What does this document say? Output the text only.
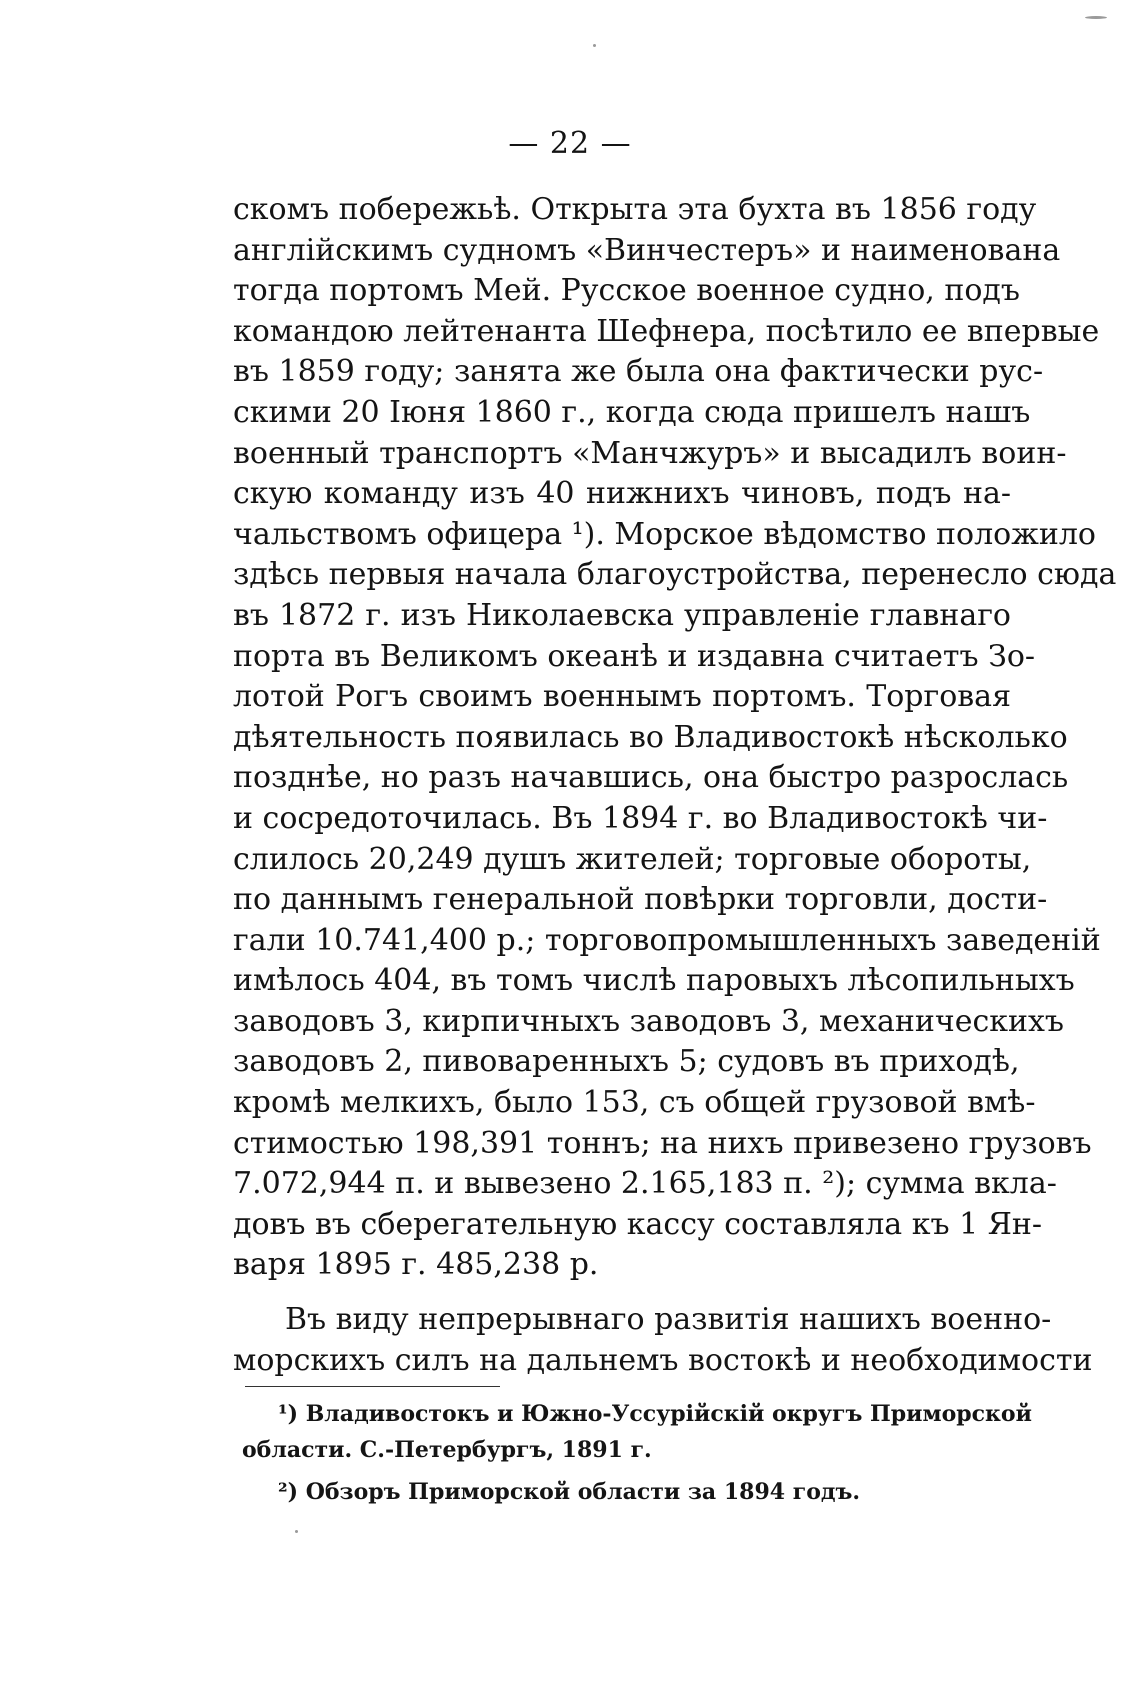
— 22 —
скомъ побережьѣ. Открыта эта бухта въ 1856 году
англійскимъ судномъ «Винчестеръ» и наименована
тогда портомъ Мей. Русское военное судно, подъ
командою лейтенанта Шефнера, посѣтило ее впервые
въ 1859 году; занята же была она фактически рус-
скими 20 Іюня 1860 г., когда сюда пришелъ нашъ
военный транспортъ «Манчжуръ» и высадилъ воин-
скую команду изъ 40 нижнихъ чиновъ, подъ на-
чальствомъ офицера ¹). Морское вѣдомство положило
здѣсь первыя начала благоустройства, перенесло сюда
въ 1872 г. изъ Николаевска управленіе главнаго
порта въ Великомъ океанѣ и издавна считаетъ Зо-
лотой Рогъ своимъ военнымъ портомъ. Торговая
дѣятельность появилась во Владивостокѣ нѣсколько
позднѣе, но разъ начавшись, она быстро разрослась
и сосредоточилась. Въ 1894 г. во Владивостокѣ чи-
слилось 20,249 душъ жителей; торговые обороты,
по даннымъ генеральной повѣрки торговли, дости-
гали 10.741,400 р.; торговопромышленныхъ заведеній
имѣлось 404, въ томъ числѣ паровыхъ лѣсопильныхъ
заводовъ 3, кирпичныхъ заводовъ 3, механическихъ
заводовъ 2, пивоваренныхъ 5; судовъ въ приходѣ,
кромѣ мелкихъ, было 153, съ общей грузовой вмѣ-
стимостью 198,391 тоннъ; на нихъ привезено грузовъ
7.072,944 п. и вывезено 2.165,183 п. ²); сумма вкла-
довъ въ сберегательную кассу составляла къ 1 Ян-
варя 1895 г. 485,238 р.
Въ виду непрерывнаго развитія нашихъ военно-
морскихъ силъ на дальнемъ востокѣ и необходимости
¹) Владивостокъ и Южно-Уссурійскій округъ Приморской
области. С.-Петербургъ, 1891 г.
²) Обзоръ Приморской области за 1894 годъ.
